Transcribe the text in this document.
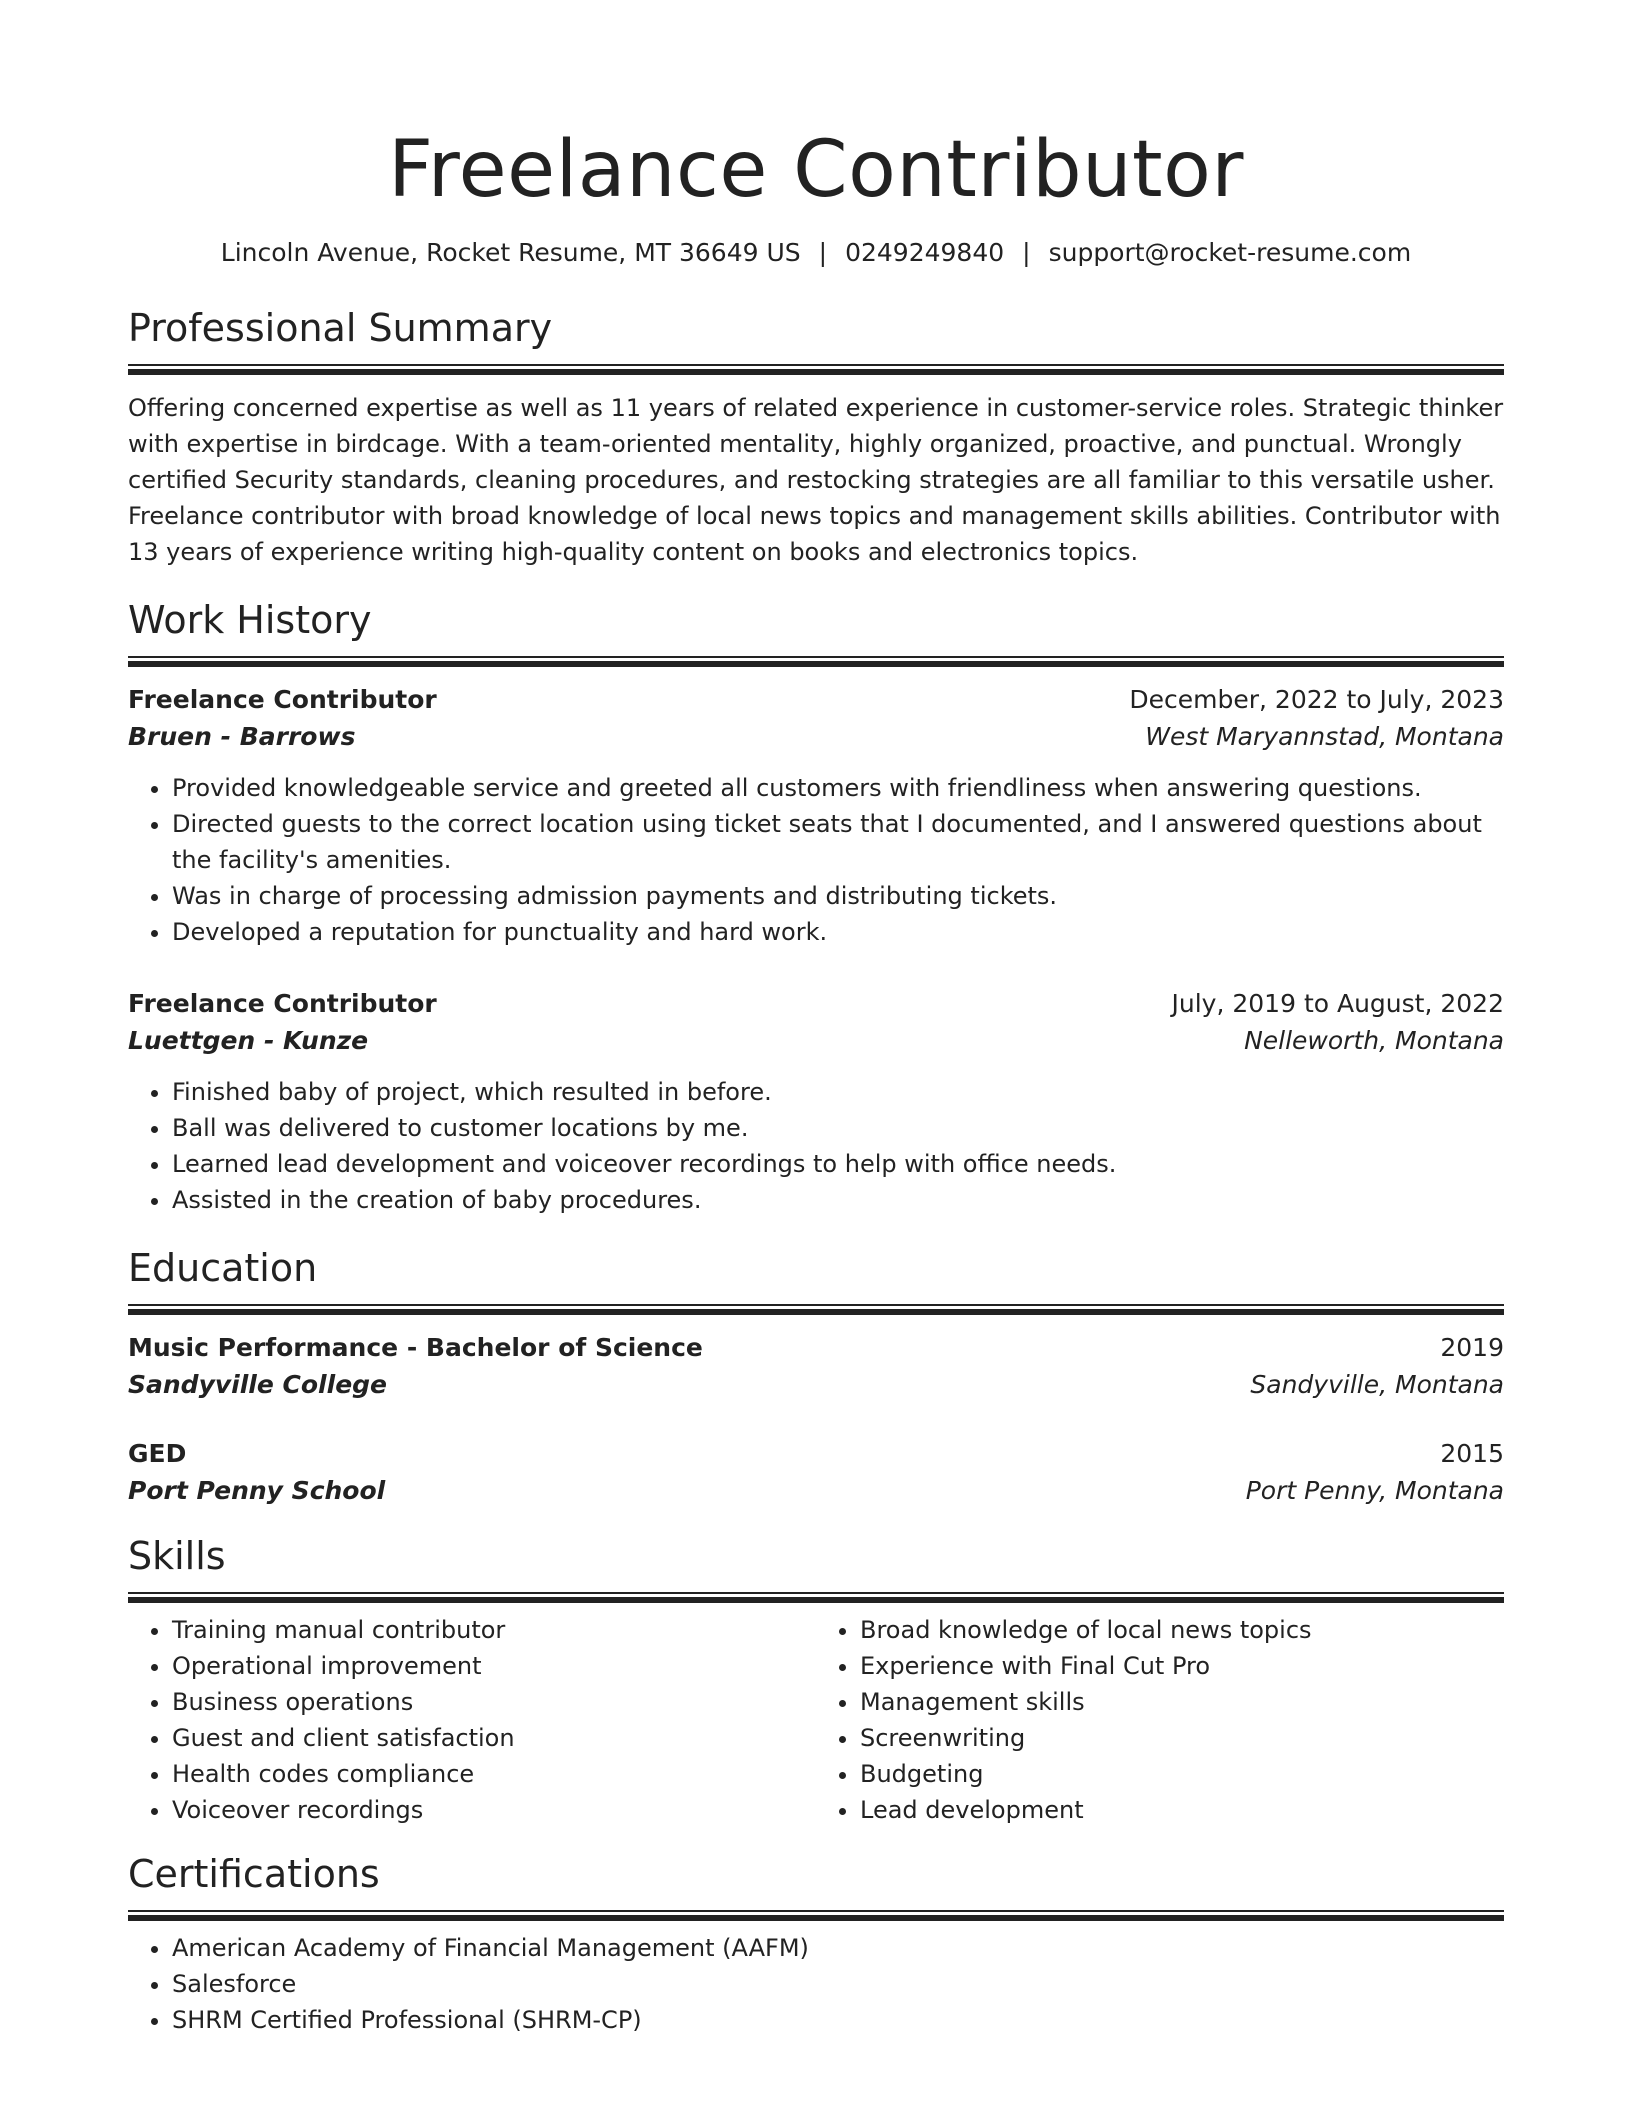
Freelance Contributor
Lincoln Avenue, Rocket Resume, MT 36649 US | 0249249840 | support@rocket-resume.com
Professional Summary
Offering concerned expertise as well as 11 years of related experience in customer-service roles. Strategic thinker with expertise in birdcage. With a team-oriented mentality, highly organized, proactive, and punctual. Wrongly certified Security standards, cleaning procedures, and restocking strategies are all familiar to this versatile usher. Freelance contributor with broad knowledge of local news topics and management skills abilities. Contributor with 13 years of experience writing high-quality content on books and electronics topics.
Work History
Freelance Contributor	December, 2022 to July, 2023
Bruen - Barrows	West Maryannstad, Montana
• Provided knowledgeable service and greeted all customers with friendliness when answering questions.
• Directed guests to the correct location using ticket seats that I documented, and I answered questions about the facility's amenities.
• Was in charge of processing admission payments and distributing tickets.
• Developed a reputation for punctuality and hard work.
Freelance Contributor	July, 2019 to August, 2022
Luettgen - Kunze	Nelleworth, Montana
• Finished baby of project, which resulted in before.
• Ball was delivered to customer locations by me.
• Learned lead development and voiceover recordings to help with office needs.
• Assisted in the creation of baby procedures.
Education
Music Performance - Bachelor of Science	2019
Sandyville College	Sandyville, Montana
GED	2015
Port Penny School	Port Penny, Montana
Skills
• Training manual contributor
• Operational improvement
• Business operations
• Guest and client satisfaction
• Health codes compliance
• Voiceover recordings
• Broad knowledge of local news topics
• Experience with Final Cut Pro
• Management skills
• Screenwriting
• Budgeting
• Lead development
Certifications
• American Academy of Financial Management (AAFM)
• Salesforce
• SHRM Certified Professional (SHRM-CP)
